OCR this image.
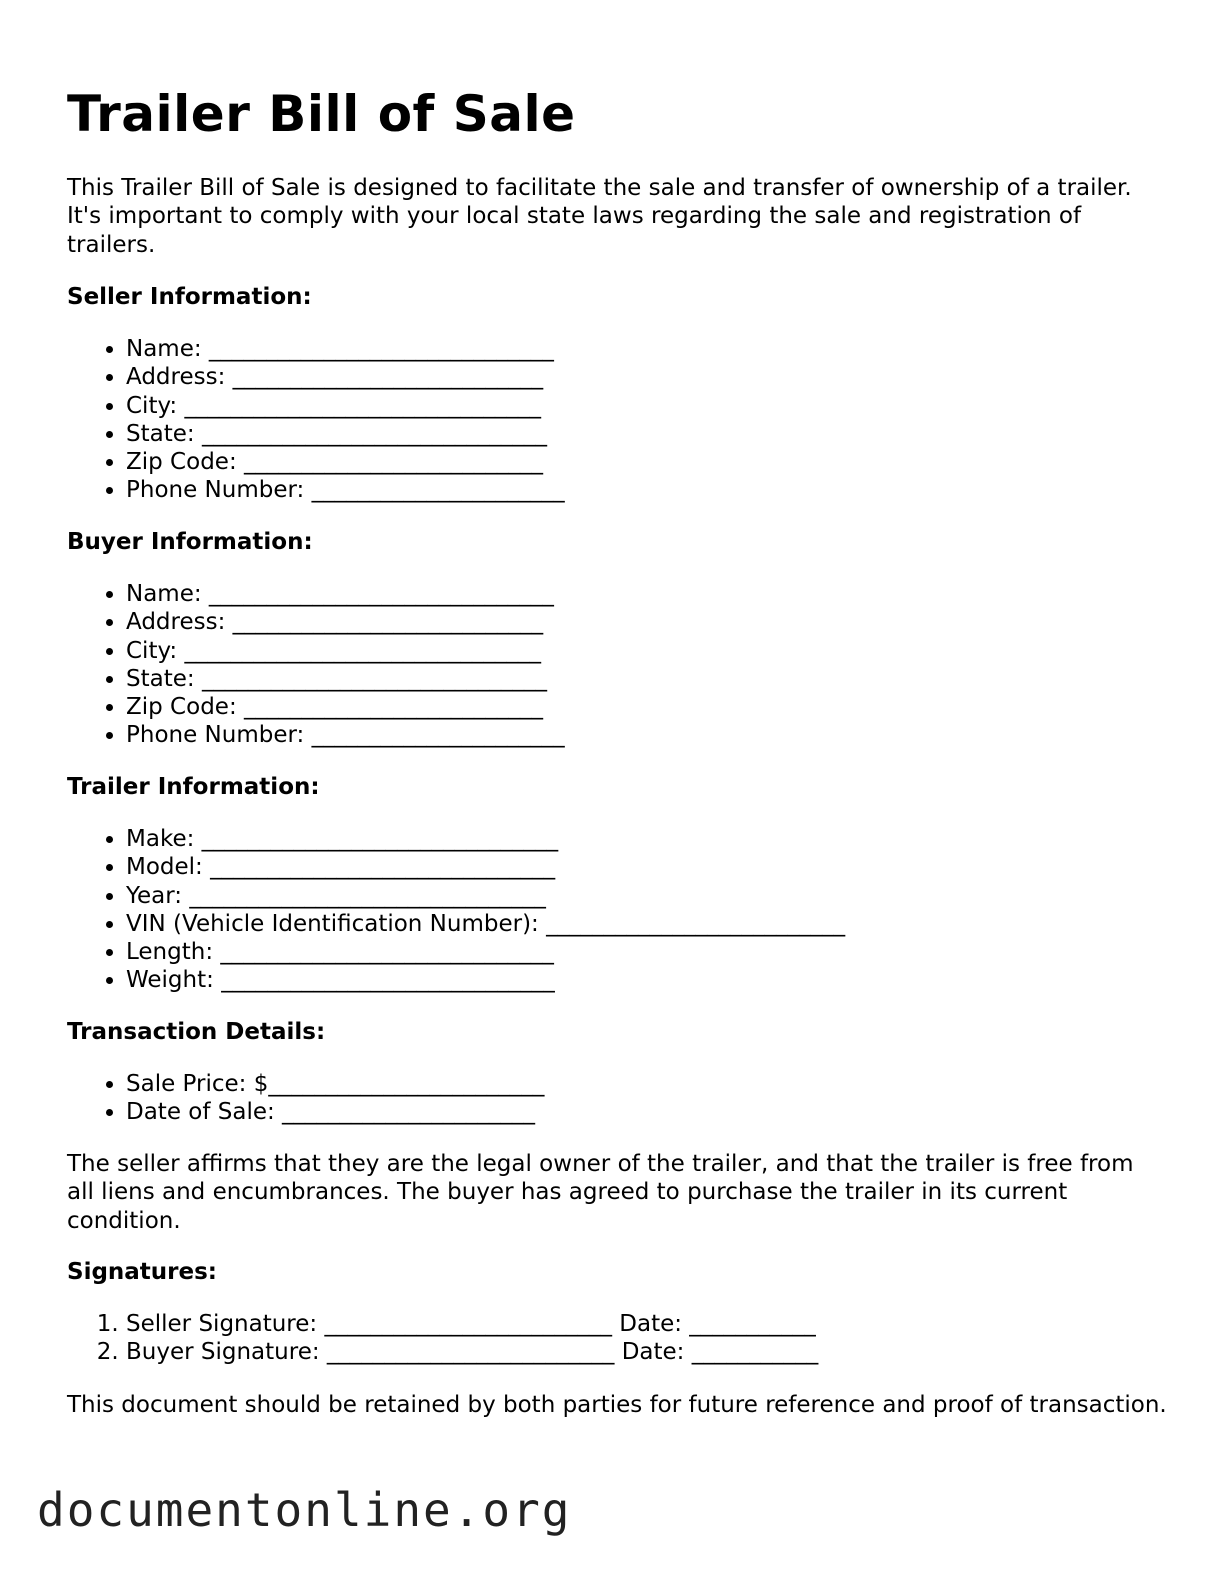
Trailer Bill of Sale

This Trailer Bill of Sale is designed to facilitate the sale and transfer of ownership of a trailer. It's important to comply with your local state laws regarding the sale and registration of trailers.

Seller Information:

• Name: ______________________________
• Address: ___________________________
• City: _______________________________
• State: ______________________________
• Zip Code: __________________________
• Phone Number: ______________________

Buyer Information:

• Name: ______________________________
• Address: ___________________________
• City: _______________________________
• State: ______________________________
• Zip Code: __________________________
• Phone Number: ______________________

Trailer Information:

• Make: _______________________________
• Model: ______________________________
• Year: _______________________________
• VIN (Vehicle Identification Number): __________________________
• Length: _____________________________
• Weight: _____________________________

Transaction Details:

• Sale Price: $________________________
• Date of Sale: ______________________

The seller affirms that they are the legal owner of the trailer, and that the trailer is free from all liens and encumbrances. The buyer has agreed to purchase the trailer in its current condition.

Signatures:

1. Seller Signature: _________________________ Date: ___________
2. Buyer Signature: _________________________ Date: ___________

This document should be retained by both parties for future reference and proof of transaction.

documentonline.org
